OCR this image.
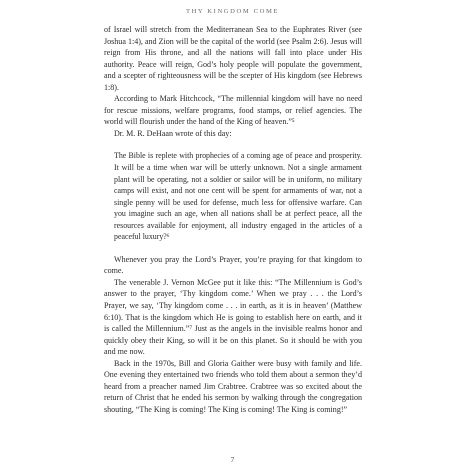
THY KINGDOM COME

of Israel will stretch from the Mediterranean Sea to the Euphrates River (see Joshua 1:4), and Zion will be the capital of the world (see Psalm 2:6). Jesus will reign from His throne, and all the nations will fall into place under His authority. Peace will reign, God’s holy people will populate the government, and a scepter of righteousness will be the scepter of His kingdom (see Hebrews 1:8).

According to Mark Hitchcock, “The millennial kingdom will have no need for rescue missions, welfare programs, food stamps, or relief agencies. The world will flourish under the hand of the King of heaven.”⁵

Dr. M. R. DeHaan wrote of this day:

The Bible is replete with prophecies of a coming age of peace and prosperity. It will be a time when war will be utterly unknown. Not a single armament plant will be operating, not a soldier or sailor will be in uniform, no military camps will exist, and not one cent will be spent for armaments of war, not a single penny will be used for defense, much less for offensive warfare. Can you imagine such an age, when all nations shall be at perfect peace, all the resources available for enjoyment, all industry engaged in the articles of a peaceful luxury?⁶

Whenever you pray the Lord’s Prayer, you’re praying for that kingdom to come.

The venerable J. Vernon McGee put it like this: “The Millennium is God’s answer to the prayer, ‘Thy kingdom come.’ When we pray . . . the Lord’s Prayer, we say, ‘Thy kingdom come . . . in earth, as it is in heaven’ (Matthew 6:10). That is the kingdom which He is going to establish here on earth, and it is called the Millennium.”⁷ Just as the angels in the invisible realms honor and quickly obey their King, so will it be on this planet. So it should be with you and me now.

Back in the 1970s, Bill and Gloria Gaither were busy with family and life. One evening they entertained two friends who told them about a sermon they’d heard from a preacher named Jim Crabtree. Crabtree was so excited about the return of Christ that he ended his sermon by walking through the congregation shouting, “The King is coming! The King is coming! The King is coming!”

7
